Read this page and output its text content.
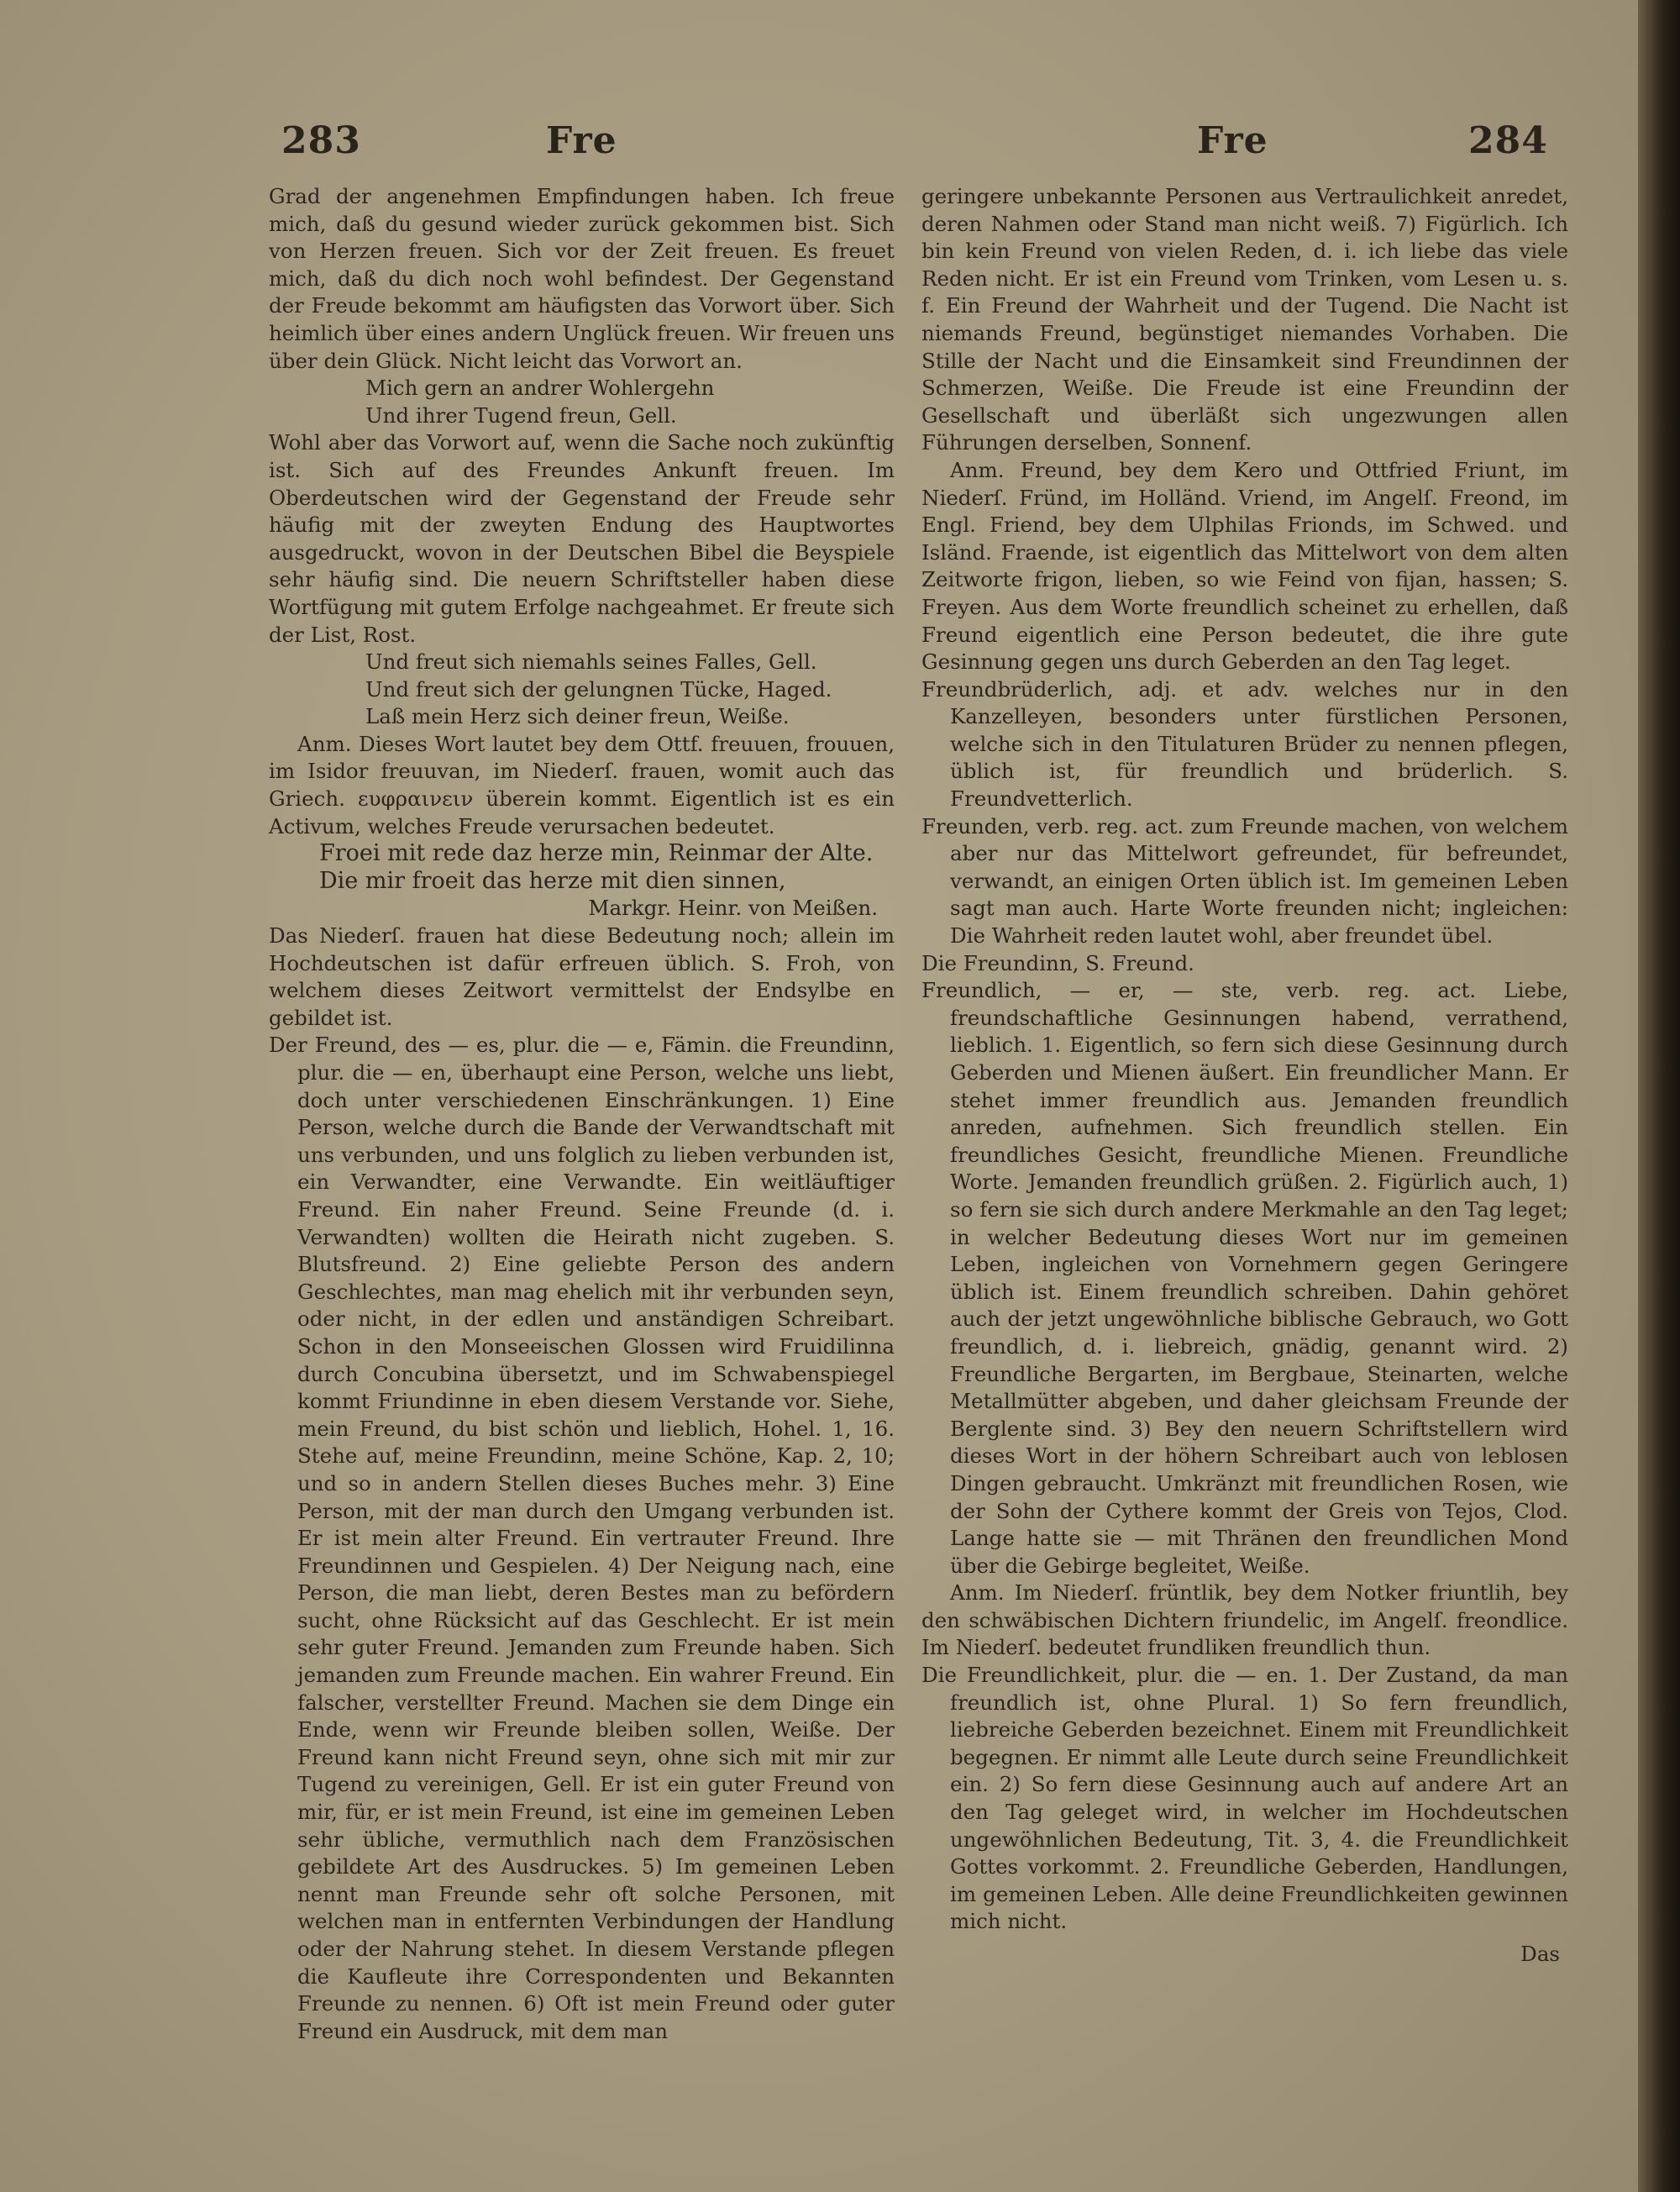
283	Fre	Fre	284

Grad der angenehmen Empfindungen haben. Ich freue mich, daß du gesund wieder zurück gekommen bist. Sich von Herzen freuen. Sich vor der Zeit freuen. Es freuet mich, daß du dich noch wohl befindest. Der Gegenstand der Freude bekommt am häufigsten das Vorwort über. Sich heimlich über eines andern Unglück freuen. Wir freuen uns über dein Glück. Nicht leicht das Vorwort an.

Mich gern an andrer Wohlergehn
Und ihrer Tugend freun, Gell.

Wohl aber das Vorwort auf, wenn die Sache noch zukünftig ist. Sich auf des Freundes Ankunft freuen. Im Oberdeutschen wird der Gegenstand der Freude sehr häufig mit der zweyten Endung des Hauptwortes ausgedruckt, wovon in der Deutschen Bibel die Beyspiele sehr häufig sind. Die neuern Schriftsteller haben diese Wortfügung mit gutem Erfolge nachgeahmet. Er freute sich der List, Rost.

Und freut sich niemahls seines Falles, Gell.
Und freut sich der gelungnen Tücke, Haged.
Laß mein Herz sich deiner freun, Weiße.

Anm. Dieses Wort lautet bey dem Ottf. freuuen, frouuen, im Isidor freuuvan, im Niederſ. frauen, womit auch das Griech. ευφραινειν überein kommt. Eigentlich ist es ein Activum, welches Freude verursachen bedeutet.

Froei mit rede daz herze min, Reinmar der Alte.
Die mir froeit das herze mit dien sinnen,
Markgr. Heinr. von Meißen.

Das Niederſ. frauen hat diese Bedeutung noch; allein im Hochdeutschen ist dafür erfreuen üblich. S. Froh, von welchem dieses Zeitwort vermittelst der Endsylbe en gebildet ist.

Der Freund, des — es, plur. die — e, Fämin. die Freundinn, plur. die — en, überhaupt eine Person, welche uns liebt, doch unter verschiedenen Einschränkungen. 1) Eine Person, welche durch die Bande der Verwandtschaft mit uns verbunden, und uns folglich zu lieben verbunden ist, ein Verwandter, eine Verwandte. Ein weitläuftiger Freund. Ein naher Freund. Seine Freunde (d. i. Verwandten) wollten die Heirath nicht zugeben. S. Blutsfreund. 2) Eine geliebte Person des andern Geschlechtes, man mag ehelich mit ihr verbunden seyn, oder nicht, in der edlen und anständigen Schreibart. Schon in den Monseeischen Glossen wird Fruidilinna durch Concubina übersetzt, und im Schwabenspiegel kommt Friundinne in eben diesem Verstande vor. Siehe, mein Freund, du bist schön und lieblich, Hohel. 1, 16. Stehe auf, meine Freundinn, meine Schöne, Kap. 2, 10; und so in andern Stellen dieses Buches mehr. 3) Eine Person, mit der man durch den Umgang verbunden ist. Er ist mein alter Freund. Ein vertrauter Freund. Ihre Freundinnen und Gespielen. 4) Der Neigung nach, eine Person, die man liebt, deren Bestes man zu befördern sucht, ohne Rücksicht auf das Geschlecht. Er ist mein sehr guter Freund. Jemanden zum Freunde haben. Sich jemanden zum Freunde machen. Ein wahrer Freund. Ein falscher, verstellter Freund. Machen sie dem Dinge ein Ende, wenn wir Freunde bleiben sollen, Weiße. Der Freund kann nicht Freund seyn, ohne sich mit mir zur Tugend zu vereinigen, Gell. Er ist ein guter Freund von mir, für, er ist mein Freund, ist eine im gemeinen Leben sehr übliche, vermuthlich nach dem Französischen gebildete Art des Ausdruckes. 5) Im gemeinen Leben nennt man Freunde sehr oft solche Personen, mit welchen man in entfernten Verbindungen der Handlung oder der Nahrung stehet. In diesem Verstande pflegen die Kaufleute ihre Correspondenten und Bekannten Freunde zu nennen. 6) Oft ist mein Freund oder guter Freund ein Ausdruck, mit dem man

geringere unbekannte Personen aus Vertraulichkeit anredet, deren Nahmen oder Stand man nicht weiß. 7) Figürlich. Ich bin kein Freund von vielen Reden, d. i. ich liebe das viele Reden nicht. Er ist ein Freund vom Trinken, vom Lesen u. s. f. Ein Freund der Wahrheit und der Tugend. Die Nacht ist niemands Freund, begünstiget niemandes Vorhaben. Die Stille der Nacht und die Einsamkeit sind Freundinnen der Schmerzen, Weiße. Die Freude ist eine Freundinn der Gesellschaft und überläßt sich ungezwungen allen Führungen derselben, Sonnenf.

Anm. Freund, bey dem Kero und Ottfried Friunt, im Niederſ. Fründ, im Holländ. Vriend, im Angelſ. Freond, im Engl. Friend, bey dem Ulphilas Frionds, im Schwed. und Isländ. Fraende, ist eigentlich das Mittelwort von dem alten Zeitworte frigon, lieben, so wie Feind von fijan, hassen; S. Freyen. Aus dem Worte freundlich scheinet zu erhellen, daß Freund eigentlich eine Person bedeutet, die ihre gute Gesinnung gegen uns durch Geberden an den Tag leget.

Freundbrüderlich, adj. et adv. welches nur in den Kanzelleyen, besonders unter fürstlichen Personen, welche sich in den Titulaturen Brüder zu nennen pflegen, üblich ist, für freundlich und brüderlich. S. Freundvetterlich.

Freunden, verb. reg. act. zum Freunde machen, von welchem aber nur das Mittelwort gefreundet, für befreundet, verwandt, an einigen Orten üblich ist. Im gemeinen Leben sagt man auch. Harte Worte freunden nicht; ingleichen: Die Wahrheit reden lautet wohl, aber freundet übel.

Die Freundinn, S. Freund.

Freundlich, — er, — ste, verb. reg. act. Liebe, freundschaftliche Gesinnungen habend, verrathend, lieblich. 1. Eigentlich, so fern sich diese Gesinnung durch Geberden und Mienen äußert. Ein freundlicher Mann. Er stehet immer freundlich aus. Jemanden freundlich anreden, aufnehmen. Sich freundlich stellen. Ein freundliches Gesicht, freundliche Mienen. Freundliche Worte. Jemanden freundlich grüßen. 2. Figürlich auch, 1) so fern sie sich durch andere Merkmahle an den Tag leget; in welcher Bedeutung dieses Wort nur im gemeinen Leben, ingleichen von Vornehmern gegen Geringere üblich ist. Einem freundlich schreiben. Dahin gehöret auch der jetzt ungewöhnliche biblische Gebrauch, wo Gott freundlich, d. i. liebreich, gnädig, genannt wird. 2) Freundliche Bergarten, im Bergbaue, Steinarten, welche Metallmütter abgeben, und daher gleichsam Freunde der Berglente sind. 3) Bey den neuern Schriftstellern wird dieses Wort in der höhern Schreibart auch von leblosen Dingen gebraucht. Umkränzt mit freundlichen Rosen, wie der Sohn der Cythere kommt der Greis von Tejos, Clod. Lange hatte sie — mit Thränen den freundlichen Mond über die Gebirge begleitet, Weiße.

Anm. Im Niederſ. früntlik, bey dem Notker friuntlih, bey den schwäbischen Dichtern friundelic, im Angelſ. freondlice. Im Niederſ. bedeutet frundliken freundlich thun.

Die Freundlichkeit, plur. die — en. 1. Der Zustand, da man freundlich ist, ohne Plural. 1) So fern freundlich, liebreiche Geberden bezeichnet. Einem mit Freundlichkeit begegnen. Er nimmt alle Leute durch seine Freundlichkeit ein. 2) So fern diese Gesinnung auch auf andere Art an den Tag geleget wird, in welcher im Hochdeutschen ungewöhnlichen Bedeutung, Tit. 3, 4. die Freundlichkeit Gottes vorkommt. 2. Freundliche Geberden, Handlungen, im gemeinen Leben. Alle deine Freundlichkeiten gewinnen mich nicht.

Das
